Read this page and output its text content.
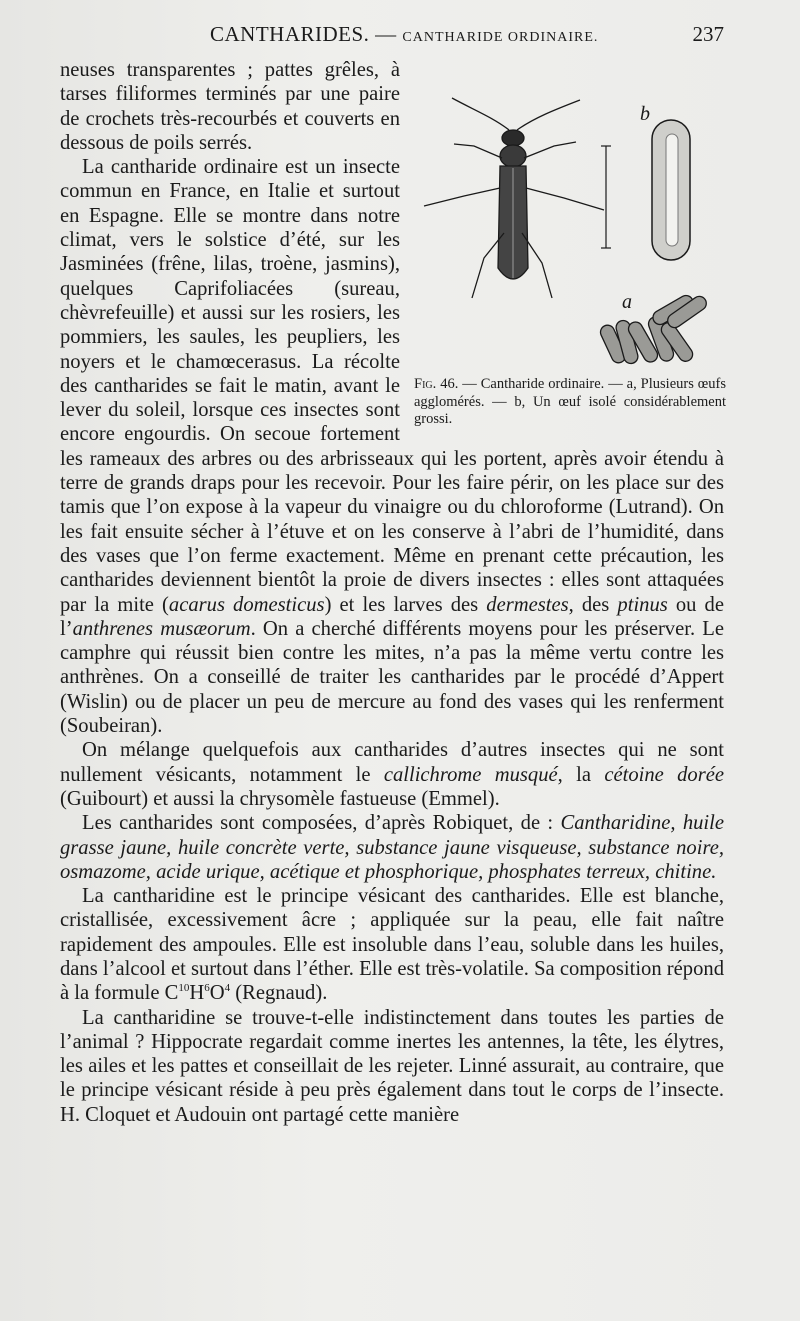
CANTHARIDES. — CANTHARIDE ORDINAIRE.	237
b
a
Fig. 46. — Cantharide ordinaire. — a, Plusieurs œufs agglomérés. — b, Un œuf isolé considérablement grossi.

neuses transparentes ; pattes grêles, à tarses filiformes terminés par une paire de crochets très-recourbés et couverts en dessous de poils serrés.

La cantharide ordinaire est un insecte commun en France, en Italie et surtout en Espagne. Elle se montre dans notre climat, vers le solstice d’été, sur les Jasminées (frêne, lilas, troène, jasmins), quelques Caprifoliacées (sureau, chèvrefeuille) et aussi sur les rosiers, les pommiers, les saules, les peupliers, les noyers et le chamœcerasus. La récolte des cantharides se fait le matin, avant le lever du soleil, lorsque ces insectes sont encore engourdis. On secoue fortement les rameaux des arbres ou des arbrisseaux qui les portent, après avoir étendu à terre de grands draps pour les recevoir. Pour les faire périr, on les place sur des tamis que l’on expose à la vapeur du vinaigre ou du chloroforme (Lutrand). On les fait ensuite sécher à l’étuve et on les conserve à l’abri de l’humidité, dans des vases que l’on ferme exactement. Même en prenant cette précaution, les cantharides deviennent bientôt la proie de divers insectes : elles sont attaquées par la mite (acarus domesticus) et les larves des dermestes, des ptinus ou de l’anthrenes musæorum. On a cherché différents moyens pour les préserver. Le camphre qui réussit bien contre les mites, n’a pas la même vertu contre les anthrènes. On a conseillé de traiter les cantharides par le procédé d’Appert (Wislin) ou de placer un peu de mercure au fond des vases qui les renferment (Soubeiran).

On mélange quelquefois aux cantharides d’autres insectes qui ne sont nullement vésicants, notamment le callichrome musqué, la cétoine dorée (Guibourt) et aussi la chrysomèle fastueuse (Emmel).

Les cantharides sont composées, d’après Robiquet, de : Cantharidine, huile grasse jaune, huile concrète verte, substance jaune visqueuse, substance noire, osmazome, acide urique, acétique et phosphorique, phosphates terreux, chitine.

La cantharidine est le principe vésicant des cantharides. Elle est blanche, cristallisée, excessivement âcre ; appliquée sur la peau, elle fait naître rapidement des ampoules. Elle est insoluble dans l’eau, soluble dans les huiles, dans l’alcool et surtout dans l’éther. Elle est très-volatile. Sa composition répond à la formule $C^{10}H^6O^4$ (Regnaud).

La cantharidine se trouve-t-elle indistinctement dans toutes les parties de l’animal ? Hippocrate regardait comme inertes les antennes, la tête, les élytres, les ailes et les pattes et conseillait de les rejeter. Linné assurait, au contraire, que le principe vésicant réside à peu près également dans tout le corps de l’insecte. H. Cloquet et Audouin ont partagé cette manière
